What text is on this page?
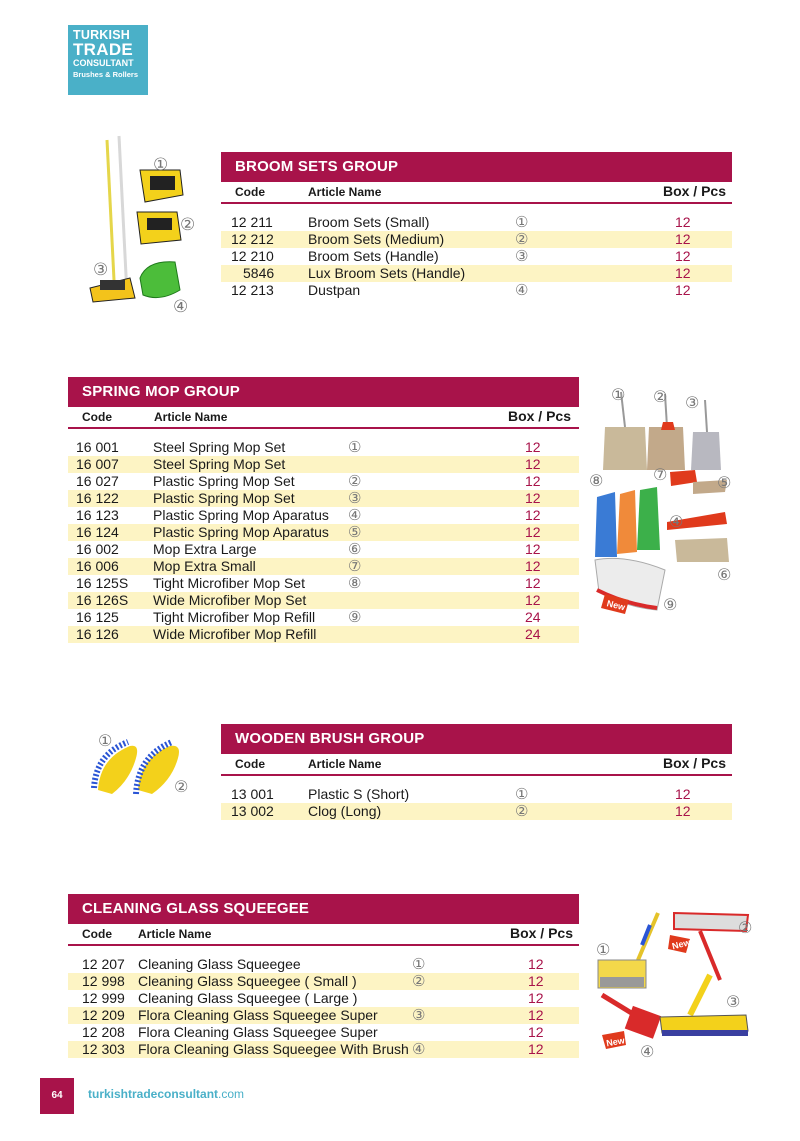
TURKISH
TRADE
CONSULTANT
Brushes & Rollers
①
②
③
④
BROOM SETS GROUP
Code	Article Name	Box / Pcs
12 211	Broom Sets (Small)	①	12
12 212 Broom Sets (Medium)	②	12
12 210 Broom Sets (Handle)	③	12
5846 Lux Broom Sets (Handle)	12
12 213 Dustpan	④	12
SPRING MOP GROUP
Code	Article Name	Box / Pcs
16 001 Steel Spring Mop Set	①	12
16 007 Steel Spring Mop Set	12
16 027 Plastic Spring Mop Set	②	12
16 122 Plastic Spring Mop Set	③	12
16 123 Plastic Spring Mop Aparatus ④	12
16 124 Plastic Spring Mop Aparatus ⑤	12
16 002 Mop Extra Large	⑥	12
16 006 Mop Extra Small	⑦	12
16 125S Tight Microfiber Mop Set	⑧	12
16 126S Wide Microfiber Mop Set	12
16 125 Tight Microfiber Mop Refill ⑨	24
16 126 Wide Microfiber Mop Refill	24
New
① ② ③
④
⑤
⑥
⑦
⑧
⑨
①
②
WOODEN BRUSH GROUP
Code	Article Name	Box / Pcs
13 001 Plastic S (Short)	①	12
13 002 Clog (Long)	②	12
CLEANING GLASS SQUEEGEE
Code Article Name	Box / Pcs
12 207 Cleaning Glass Squeegee	①	12
12 998 Cleaning Glass Squeegee ( Small )	②	12
12 999 Cleaning Glass Squeegee ( Large )	12
12 209 Flora Cleaning Glass Squeegee Super ③	12
12 208 Flora Cleaning Glass Squeegee Super	12
12 303 Flora Cleaning Glass Squeegee With Brush ④	12
New
New
①
②
③
④
64	turkishtradeconsultant.com
